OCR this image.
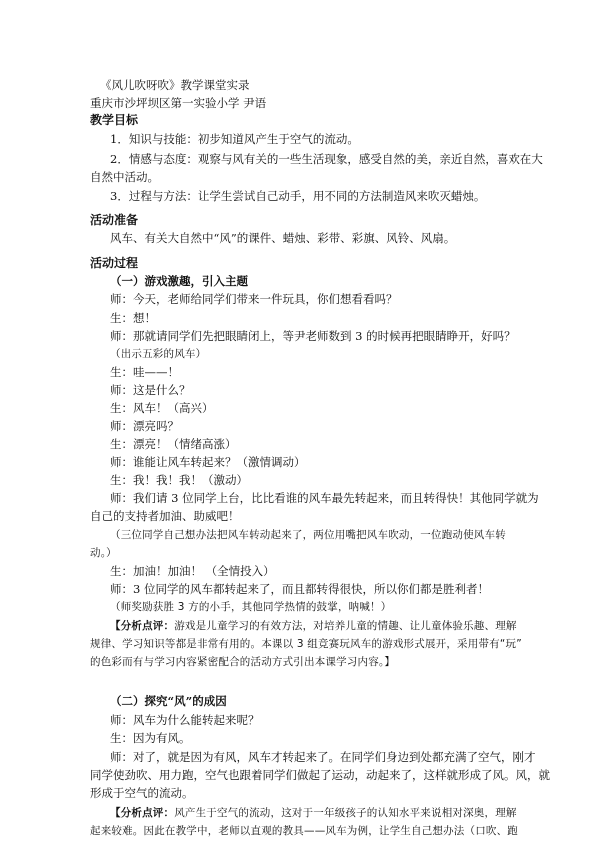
《风儿吹呀吹》教学课堂实录
重庆市沙坪坝区第一实验小学 尹语
教学目标
1．知识与技能：初步知道风产生于空气的流动。
2．情感与态度：观察与风有关的一些生活现象，感受自然的美，亲近自然，喜欢在大
自然中活动。
3．过程与方法：让学生尝试自己动手，用不同的方法制造风来吹灭蜡烛。
活动准备
风车、有关大自然中“风”的课件、蜡烛、彩带、彩旗、风铃、风扇。
活动过程
（一）游戏激趣，引入主题
师：今天，老师给同学们带来一件玩具，你们想看看吗？
生：想！
师：那就请同学们先把眼睛闭上，等尹老师数到 3 的时候再把眼睛睁开，好吗？
（出示五彩的风车）
生：哇——！
师：这是什么？
生：风车！（高兴）
师：漂亮吗？
生：漂亮！（情绪高涨）
师：谁能让风车转起来？（激情调动）
生：我！我！我！（激动）
师：我们请 3 位同学上台，比比看谁的风车最先转起来，而且转得快！其他同学就为
自己的支持者加油、助威吧！
（三位同学自己想办法把风车转动起来了，两位用嘴把风车吹动，一位跑动使风车转
动。）
生：加油！加油！ （全情投入）
师：3 位同学的风车都转起来了，而且都转得很快，所以你们都是胜利者！
（师奖励获胜 3 方的小手，其他同学热情的鼓掌，呐喊！）
【分析点评：游戏是儿童学习的有效方法，对培养儿童的情趣、让儿童体验乐趣、理解
规律、学习知识等都是非常有用的。本课以 3 组竞赛玩风车的游戏形式展开，采用带有“玩”
的色彩而有与学习内容紧密配合的活动方式引出本课学习内容。】
（二）探究“风”的成因
师：风车为什么能转起来呢？
生：因为有风。
师：对了，就是因为有风，风车才转起来了。在同学们身边到处都充满了空气，刚才
同学使劲吹、用力跑，空气也跟着同学们做起了运动，动起来了，这样就形成了风。风，就
形成于空气的流动。
【分析点评：风产生于空气的流动，这对于一年级孩子的认知水平来说相对深奥，理解
起来较难。因此在教学中，老师以直观的教具——风车为例，让学生自己想办法（口吹、跑
